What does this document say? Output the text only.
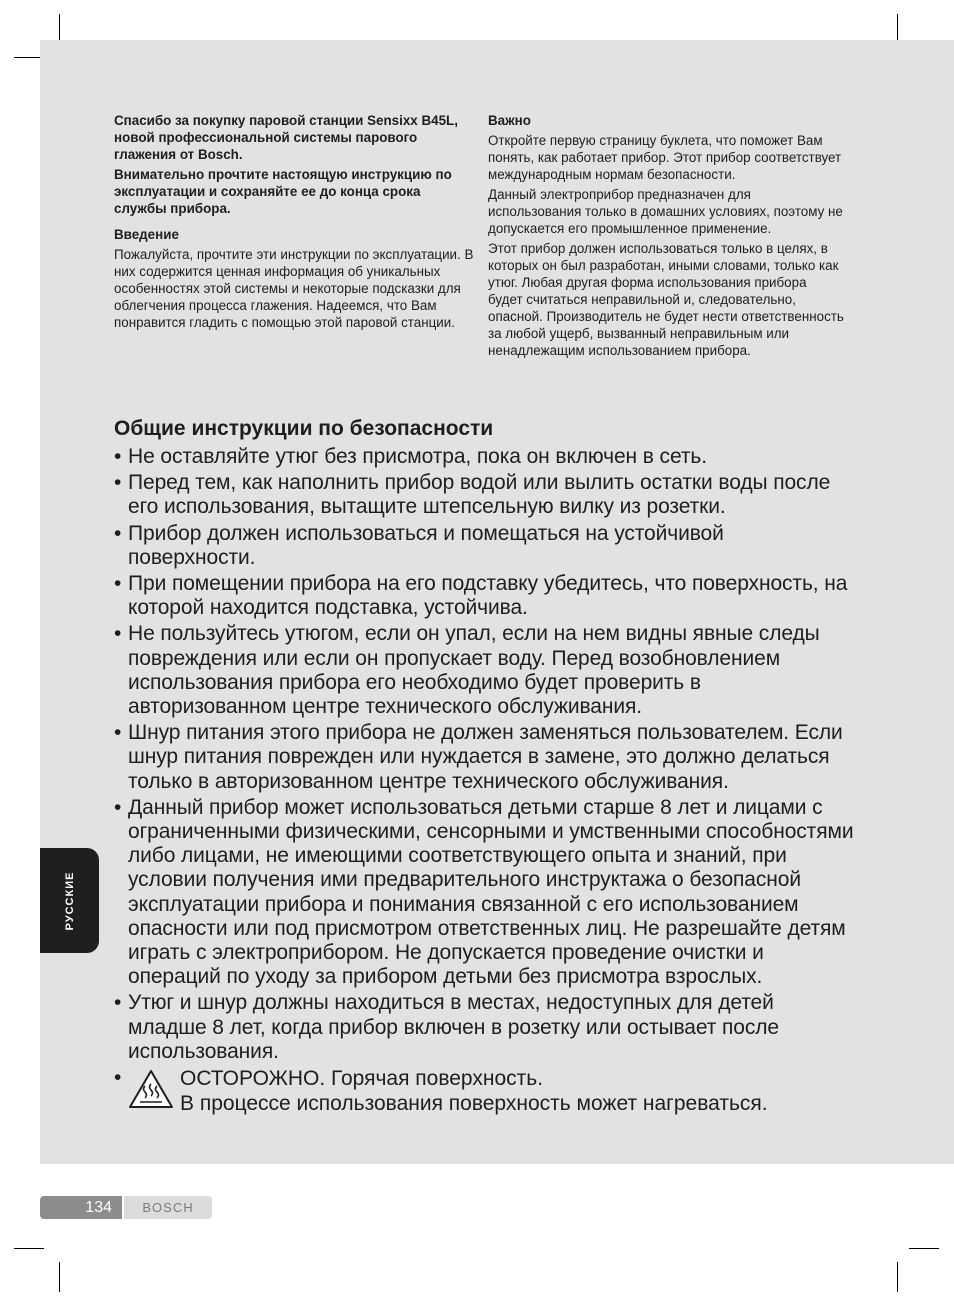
РУССКИЕ

Спасибо за покупку паровой станции Sensixx B45L, новой профессиональной системы парового глажения от Bosch.

Внимательно прочтите настоящую инструкцию по эксплуатации и сохраняйте ее до конца срока службы прибора.

Введение

Пожалуйста, прочтите эти инструкции по эксплуатации. В них содержится ценная информация об уникальных особенностях этой системы и некоторые подсказки для облегчения процесса глажения. Надеемся, что Вам понравится гладить с помощью этой паровой станции.

Важно

Откройте первую страницу буклета, что поможет Вам понять, как работает прибор. Этот прибор соответствует международным нормам безопасности.

Данный электроприбор предназначен для использования только в домашних условиях, поэтому не допускается его промышленное применение.

Этот прибор должен использоваться только в целях, в которых он был разработан, иными словами, только как утюг. Любая другая форма использования прибора будет считаться неправильной и, следовательно, опасной. Производитель не будет нести ответственность за любой ущерб, вызванный неправильным или ненадлежащим использованием прибора.

Общие инструкции по безопасности
• Не оставляйте утюг без присмотра, пока он включен в сеть.
• Перед тем, как наполнить прибор водой или вылить остатки воды после его использования, вытащите штепсельную вилку из розетки.
• Прибор должен использоваться и помещаться на устойчивой поверхности.
• При помещении прибора на его подставку убедитесь, что поверхность, на которой находится подставка, устойчива.
• Не пользуйтесь утюгом, если он упал, если на нем видны явные следы повреждения или если он пропускает воду. Перед возобновлением использования прибора его необходимо будет проверить в авторизованном центре технического обслуживания.
• Шнур питания этого прибора не должен заменяться пользователем. Если шнур питания поврежден или нуждается в замене, это должно делаться только в авторизованном центре технического обслуживания.
• Данный прибор может использоваться детьми старше 8 лет и лицами с ограниченными физическими, сенсорными и умственными способностями либо лицами, не имеющими соответствующего опыта и знаний, при условии получения ими предварительного инструктажа о безопасной эксплуатации прибора и понимания связанной с его использованием опасности или под присмотром ответственных лиц. Не разрешайте детям играть с электроприбором. Не допускается проведение очистки и операций по уходу за прибором детьми без присмотра взрослых.
• Утюг и шнур должны находиться в местах, недоступных для детей младше 8 лет, когда прибор включен в розетку или остывает после использования.
•	ОСТОРОЖНО. Горячая поверхность.
В процессе использования поверхность может нагреваться.
134	BOSCH
